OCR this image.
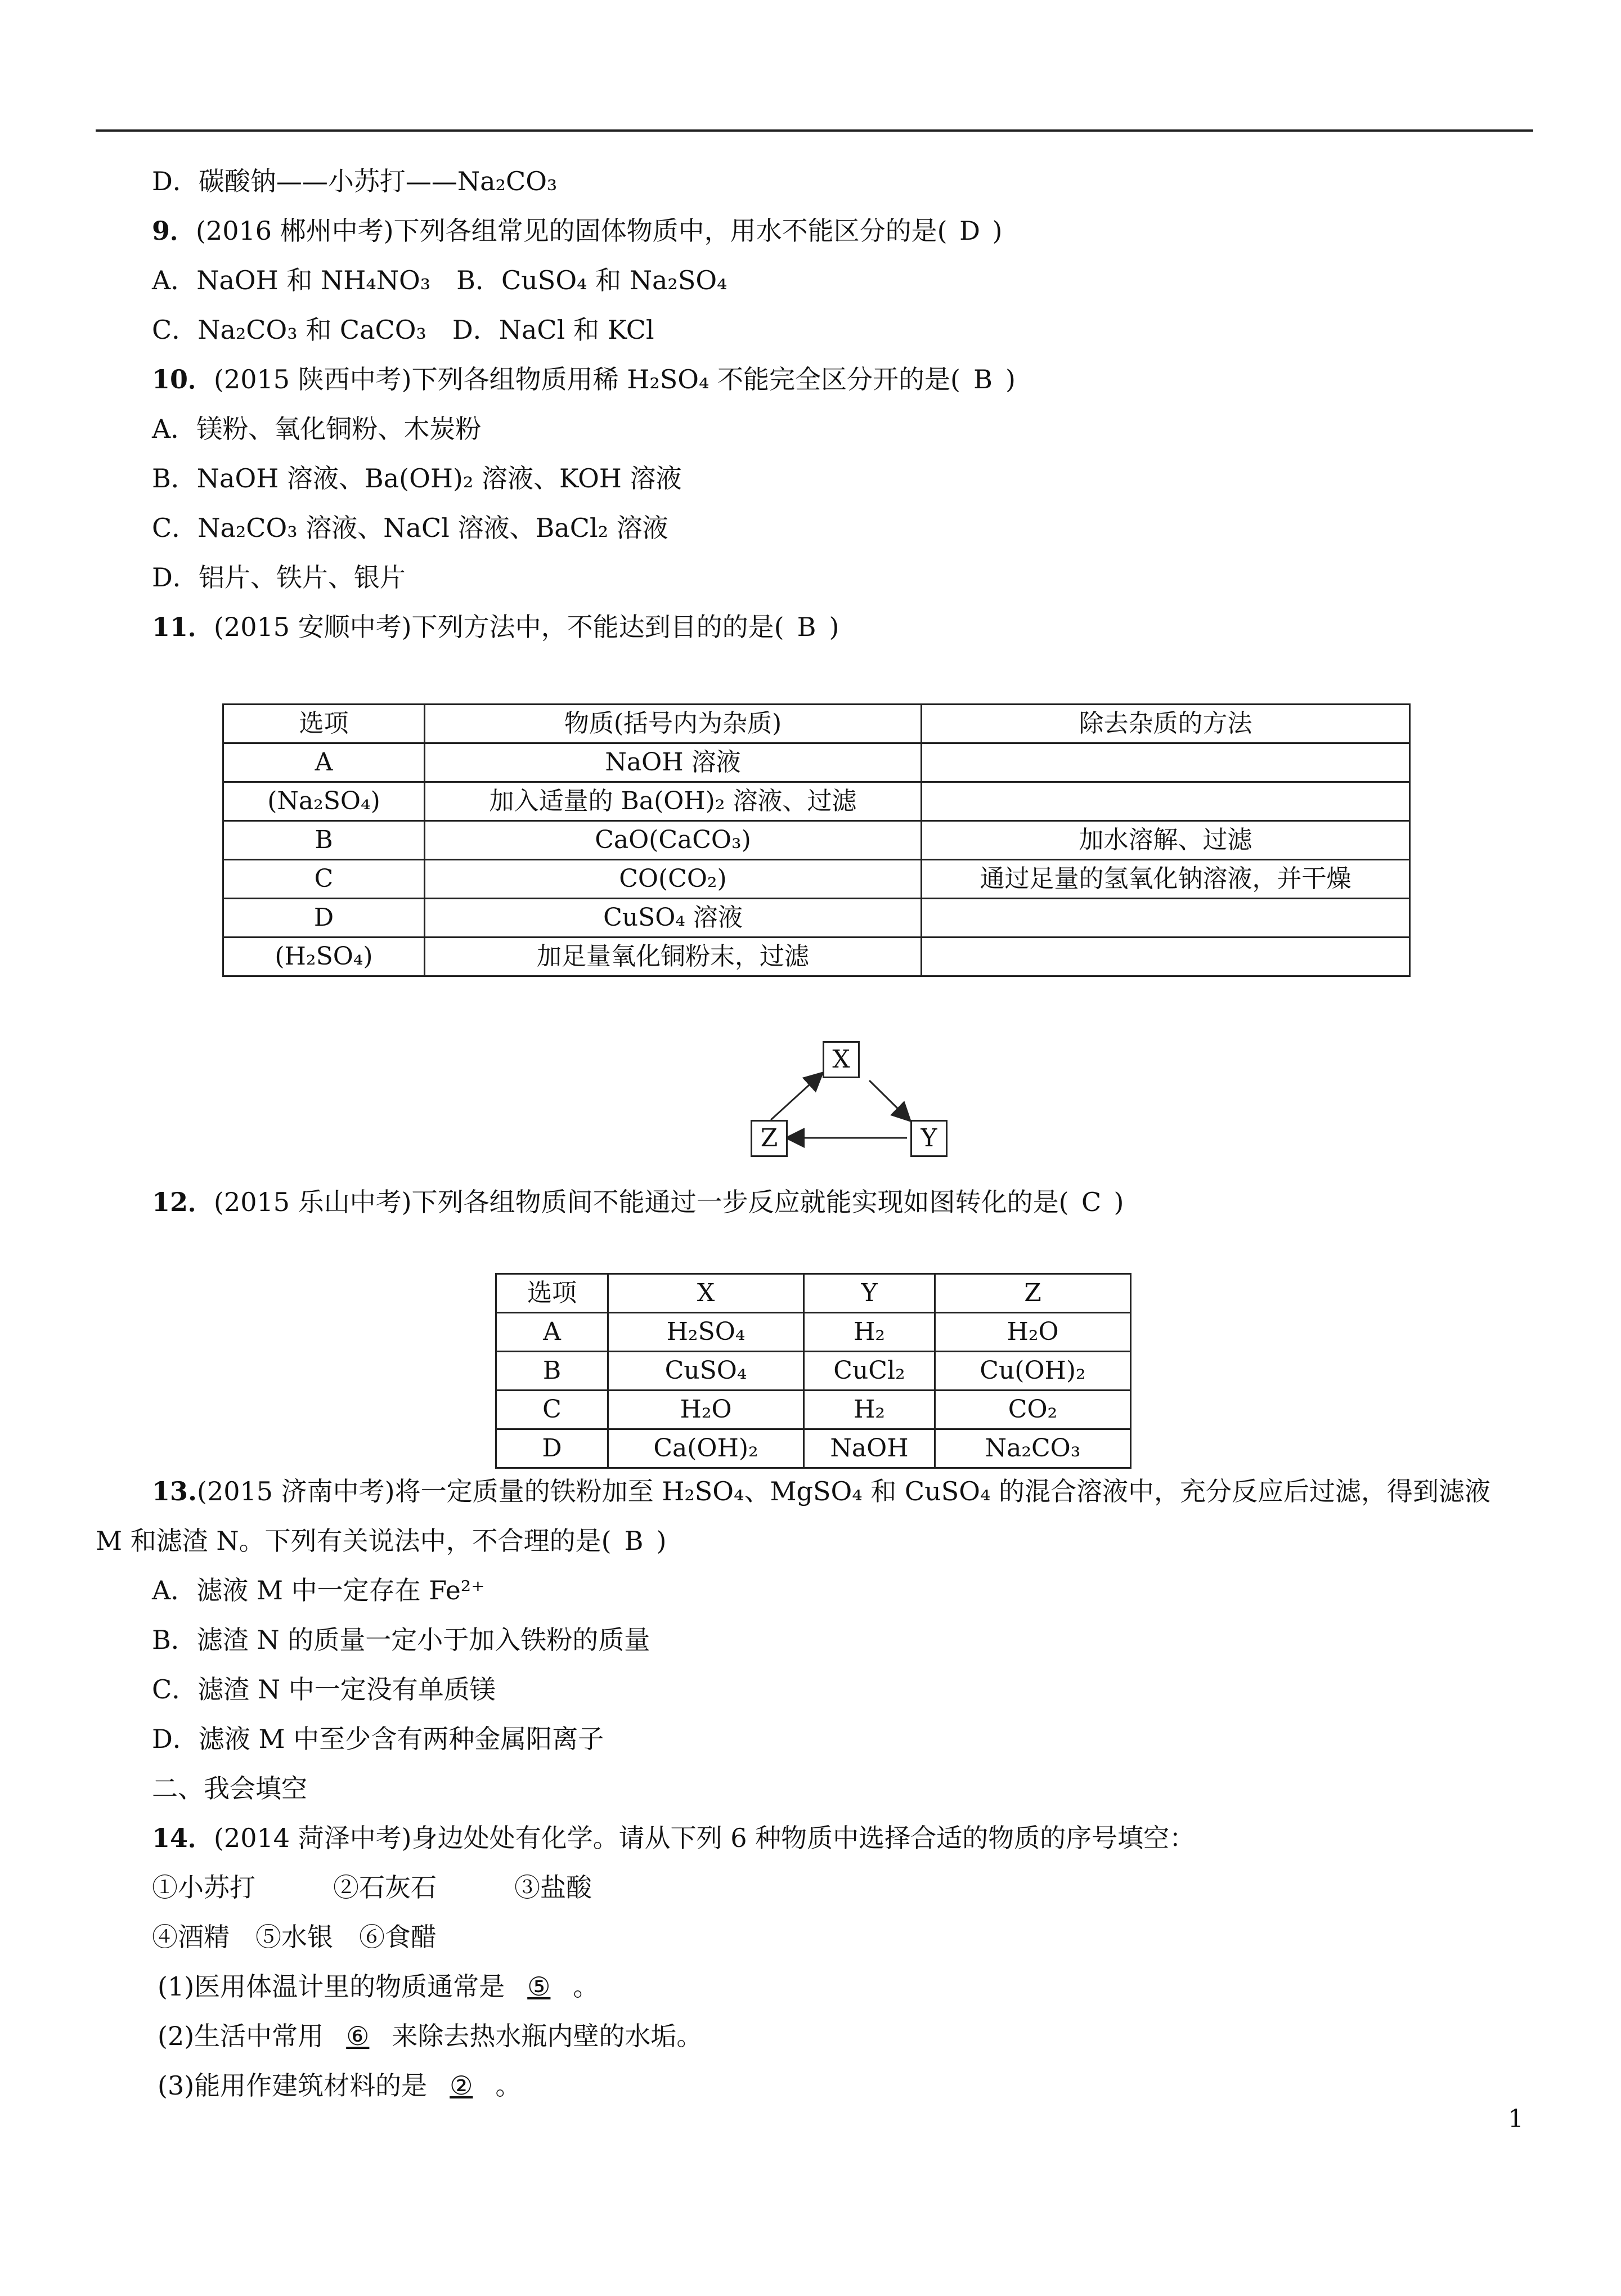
D．碳酸钠——小苏打——Na₂CO₃
9．(2016 郴州中考)下列各组常见的固体物质中，用水不能区分的是( D )
A．NaOH 和 NH₄NO₃　B．CuSO₄ 和 Na₂SO₄
C．Na₂CO₃ 和 CaCO₃　D．NaCl 和 KCl
10．(2015 陕西中考)下列各组物质用稀 H₂SO₄ 不能完全区分开的是( B )
A．镁粉、氧化铜粉、木炭粉
B．NaOH 溶液、Ba(OH)₂ 溶液、KOH 溶液
C．Na₂CO₃ 溶液、NaCl 溶液、BaCl₂ 溶液
D．铝片、铁片、银片
11．(2015 安顺中考)下列方法中，不能达到目的的是( B )
选项	物质(括号内为杂质)	除去杂质的方法
A	NaOH 溶液	
(Na₂SO₄)	加入适量的 Ba(OH)₂ 溶液、过滤	
B	CaO(CaCO₃)	加水溶解、过滤
C	CO(CO₂)	通过足量的氢氧化钠溶液，并干燥
D	CuSO₄ 溶液	
(H₂SO₄)	加足量氧化铜粉末，过滤	
X
Y
Z
12．(2015 乐山中考)下列各组物质间不能通过一步反应就能实现如图转化的是( C )
选项	X	Y	Z
A	H₂SO₄	H₂	H₂O
B	CuSO₄	CuCl₂	Cu(OH)₂
C	H₂O	H₂	CO₂
D	Ca(OH)₂	NaOH	Na₂CO₃
13.(2015 济南中考)将一定质量的铁粉加至 H₂SO₄、MgSO₄ 和 CuSO₄ 的混合溶液中，充分反应后过滤，得到滤液
M 和滤渣 N。下列有关说法中，不合理的是( B )
A．滤液 M 中一定存在 Fe²⁺
B．滤渣 N 的质量一定小于加入铁粉的质量
C．滤渣 N 中一定没有单质镁
D．滤液 M 中至少含有两种金属阳离子
二、我会填空
14．(2014 菏泽中考)身边处处有化学。请从下列 6 种物质中选择合适的物质的序号填空：
①小苏打　　　②石灰石　　　③盐酸
④酒精　⑤水银　⑥食醋
(1)医用体温计里的物质通常是 ⑤ 。
(2)生活中常用 ⑥ 来除去热水瓶内壁的水垢。
(3)能用作建筑材料的是 ② 。
1
